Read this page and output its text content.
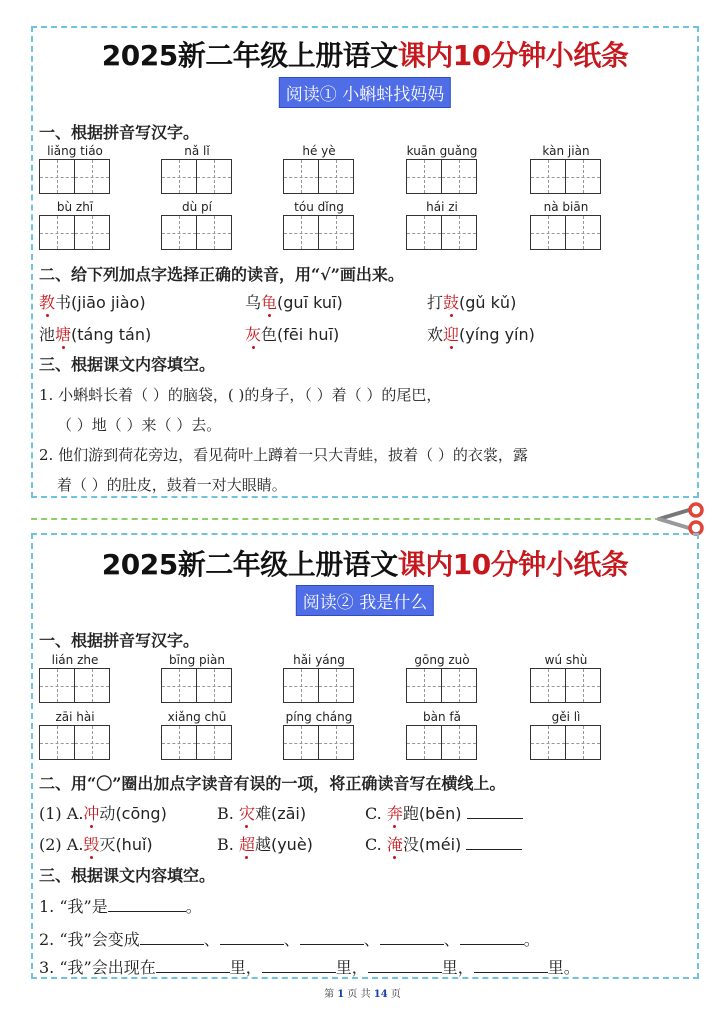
2025新二年级上册语文课内10分钟小纸条
阅读① 小蝌蚪找妈妈
一、根据拼音写汉字。
liǎng tiáo	nǎ lǐ	hé yè	kuān guǎng	kàn jiàn
bù zhī	dù pí	tóu dǐng	hái zi	nà biān
二、给下列加点字选择正确的读音，用“√”画出来。
教书(jiāo jiào)	乌龟(guī kuī)	打鼓(gǔ kǔ)
池塘(táng tán)	灰色(fēi huī)	欢迎(yíng yín)
三、根据课文内容填空。
1. 小蝌蚪长着（ ）的脑袋，( )的身子，（ ）着（ ）的尾巴，
（ ）地（ ）来（ ）去。
2. 他们游到荷花旁边，看见荷叶上蹲着一只大青蛙，披着（ ）的衣裳，露
着（ ）的肚皮，鼓着一对大眼睛。
2025新二年级上册语文课内10分钟小纸条
阅读② 我是什么
一、根据拼音写汉字。
lián zhe	bīng piàn	hǎi yáng	gōng zuò	wú shù
zāi hài	xiǎng chū	píng cháng	bàn fǎ	gěi lì
二、用“〇”圈出加点字读音有误的一项，将正确读音写在横线上。
(1) A.冲动(cōng)	B. 灾难(zāi)	C. 奔跑(bēn)
(2) A.毁灭(huǐ)	B. 超越(yuè)	C. 淹没(méi)
三、根据课文内容填空。
1. “我”是	。
2. “我”会变成	、	、	、	、	。
3. “我”会出现在	里，	里，	里，	里。
第 1 页 共 14 页
